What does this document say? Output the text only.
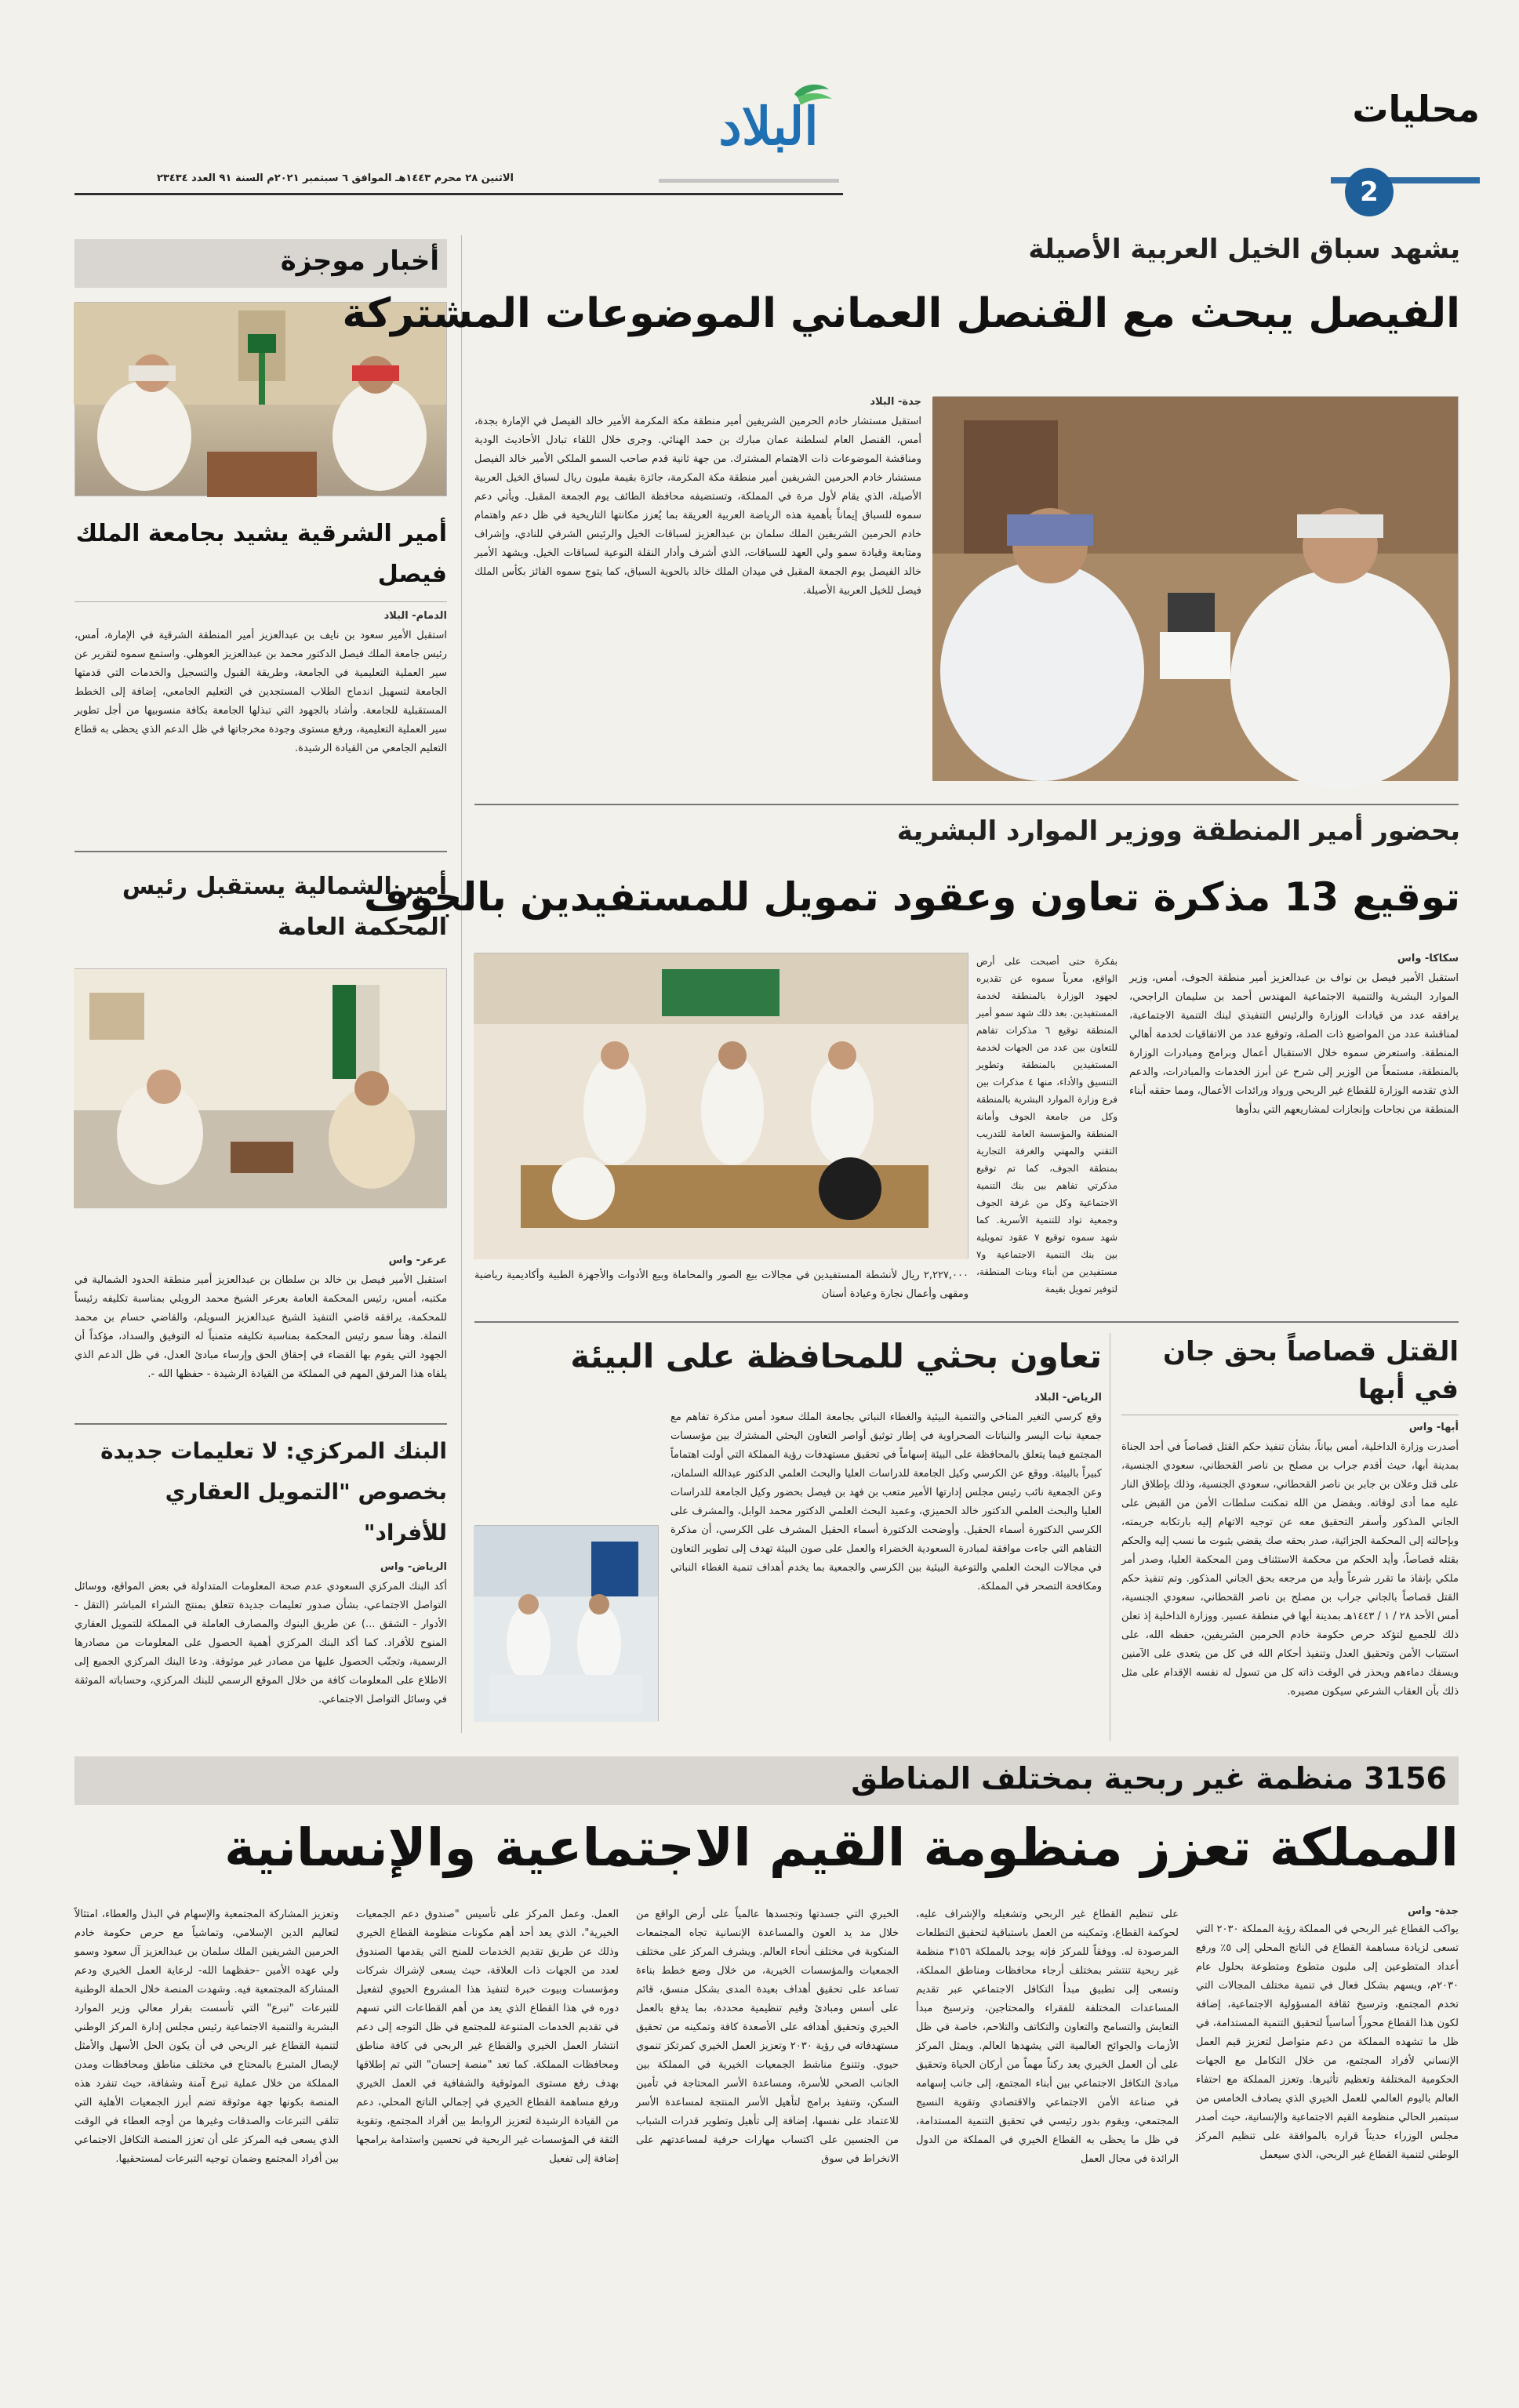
محليات
2
البلاد
الاثنين ٢٨ محرم ١٤٤٣هـ الموافق ٦ سبتمبر ٢٠٢١م السنة ٩١ العدد ٢٣٤٣٤
أخبار موجزة
أمير الشرقية يشيد بجامعة الملك فيصل
الدمام- البلاد
استقبل الأمير سعود بن نايف بن عبدالعزيز أمير المنطقة الشرقية في الإمارة، أمس، رئيس جامعة الملك فيصل الدكتور محمد بن عبدالعزيز العوهلي. واستمع سموه لتقرير عن سير العملية التعليمية في الجامعة، وطريقة القبول والتسجيل والخدمات التي قدمتها الجامعة لتسهيل اندماج الطلاب المستجدين في التعليم الجامعي، إضافة إلى الخطط المستقبلية للجامعة. وأشاد بالجهود التي تبذلها الجامعة بكافة منسوبيها من أجل تطوير سير العملية التعليمية، ورفع مستوى وجودة مخرجاتها في ظل الدعم الذي يحظى به قطاع التعليم الجامعي من القيادة الرشيدة.
أمير الشمالية يستقبل رئيس المحكمة العامة
عرعر- واس
استقبل الأمير فيصل بن خالد بن سلطان بن عبدالعزيز أمير منطقة الحدود الشمالية في مكتبه، أمس، رئيس المحكمة العامة بعرعر الشيخ محمد الرويلي بمناسبة تكليفه رئيساً للمحكمة، يرافقه قاضي التنفيذ الشيخ عبدالعزيز السويلم، والقاضي حسام بن محمد النملة. وهنأ سمو رئيس المحكمة بمناسبة تكليفه متمنياً له التوفيق والسداد، مؤكداً أن الجهود التي يقوم بها القضاء في إحقاق الحق وإرساء مبادئ العدل، في ظل الدعم الذي يلقاه هذا المرفق المهم في المملكة من القيادة الرشيدة - حفظها الله -.
البنك المركزي: لا تعليمات جديدة بخصوص "التمويل العقاري للأفراد"
الرياض- واس
أكد البنك المركزي السعودي عدم صحة المعلومات المتداولة في بعض المواقع، ووسائل التواصل الاجتماعي، بشأن صدور تعليمات جديدة تتعلق بمنتج الشراء المباشر (التقل - الأدوار - الشقق ...) عن طريق البنوك والمصارف العاملة في المملكة للتمويل العقاري المنوح للأفراد. كما أكد البنك المركزي أهمية الحصول على المعلومات من مصادرها الرسمية، وتجنّب الحصول عليها من مصادر غير موثوقة. ودعا البنك المركزي الجميع إلى الاطلاع على المعلومات كافة من خلال الموقع الرسمي للبنك المركزي، وحساباته الموثقة في وسائل التواصل الاجتماعي.
يشهد سباق الخيل العربية الأصيلة
الفيصل يبحث مع القنصل العماني الموضوعات المشتركة
جدة- البلاد
استقبل مستشار خادم الحرمين الشريفين أمير منطقة مكة المكرمة الأمير خالد الفيصل في الإمارة بجدة، أمس، القنصل العام لسلطنة عمان مبارك بن حمد الهنائي. وجرى خلال اللقاء تبادل الأحاديث الودية ومناقشة الموضوعات ذات الاهتمام المشترك. من جهة ثانية قدم صاحب السمو الملكي الأمير خالد الفيصل مستشار خادم الحرمين الشريفين أمير منطقة مكة المكرمة، جائزة بقيمة مليون ريال لسباق الخيل العربية الأصيلة، الذي يقام لأول مرة في المملكة، وتستضيفه محافظة الطائف يوم الجمعة المقبل. ويأتي دعم سموه للسباق إيماناً بأهمية هذه الرياضة العربية العريقة بما يُعزز مكانتها التاريخية في ظل دعم واهتمام خادم الحرمين الشريفين الملك سلمان بن عبدالعزيز لسباقات الخيل والرئيس الشرفي للنادي، وإشراف ومتابعة وقيادة سمو ولي العهد للسباقات، الذي أشرف وأدار النقلة النوعية لسباقات الخيل. ويشهد الأمير خالد الفيصل يوم الجمعة المقبل في ميدان الملك خالد بالحوية السباق، كما يتوج سموه الفائز بكأس الملك فيصل للخيل العربية الأصيلة.
بحضور أمير المنطقة ووزير الموارد البشرية
توقيع 13 مذكرة تعاون وعقود تمويل للمستفيدين بالجوف
سكاكا- واس
استقبل الأمير فيصل بن نواف بن عبدالعزيز أمير منطقة الجوف، أمس، وزير الموارد البشرية والتنمية الاجتماعية المهندس أحمد بن سليمان الراجحي، يرافقه عدد من قيادات الوزارة والرئيس التنفيذي لبنك التنمية الاجتماعية، لمناقشة عدد من المواضيع ذات الصلة، وتوقيع عدد من الاتفاقيات لخدمة أهالي المنطقة. واستعرض سموه خلال الاستقبال أعمال وبرامج ومبادرات الوزارة بالمنطقة، مستمعاً من الوزير إلى شرح عن أبرز الخدمات والمبادرات، والدعم الذي تقدمه الوزارة للقطاع غير الربحي ورواد ورائدات الأعمال، ومما حققه أبناء المنطقة من نجاحات وإنجازات لمشاريعهم التي بدأوها
بفكرة حتى أصبحت على أرض الواقع، معرباً سموه عن تقديره لجهود الوزارة بالمنطقة لخدمة المستفيدين. بعد ذلك شهد سمو أمير المنطقة توقيع ٦ مذكرات تفاهم للتعاون بين عدد من الجهات لخدمة المستفيدين بالمنطقة وتطوير التنسيق والأداء، منها ٤ مذكرات بين فرع وزارة الموارد البشرية بالمنطقة وكل من جامعة الجوف وأمانة المنطقة والمؤسسة العامة للتدريب التقني والمهني والغرفة التجارية بمنطقة الجوف، كما تم توقيع مذكرتي تفاهم بين بنك التنمية الاجتماعية وكل من غرفة الجوف وجمعية تواد للتنمية الأسرية. كما شهد سموه توقيع ٧ عقود تمويلية بين بنك التنمية الاجتماعية و٧ مستفيدين من أبناء وبنات المنطقة، لتوفير تمويل بقيمة
٢,٢٢٧,٠٠٠ ريال لأنشطة المستفيدين في مجالات بيع الصور والمحاماة وبيع الأدوات والأجهزة الطبية وأكاديمية رياضية ومقهى وأعمال نجارة وعيادة أسنان
القتل قصاصاً بحق جان في أبها
أبها- واس
أصدرت وزارة الداخلية، أمس بياناً، بشأن تنفيذ حكم القتل قصاصاً في أحد الجناة بمدينة أبها، حيث أقدم جراب بن مصلح بن ناصر القحطاني، سعودي الجنسية، على قتل وعلان بن جابر بن ناصر القحطاني، سعودي الجنسية، وذلك بإطلاق النار عليه مما أدى لوفاته. وبفضل من الله تمكنت سلطات الأمن من القبض على الجاني المذكور وأسفر التحقيق معه عن توجيه الاتهام إليه بارتكابه جريمته، وبإحالته إلى المحكمة الجزائية، صدر بحقه صك يقضي بثبوت ما نسب إليه والحكم بقتله قصاصاً، وأيد الحكم من محكمة الاستئناف ومن المحكمة العليا، وصدر أمر ملكي بإنفاذ ما تقرر شرعاً وأيد من مرجعه بحق الجاني المذكور. وتم تنفيذ حكم القتل قصاصاً بالجاني جراب بن مصلح بن ناصر القحطاني، سعودي الجنسية، أمس الأحد ٢٨ / ١ / ١٤٤٣هـ بمدينة أبها في منطقة عسير. ووزارة الداخلية إذ تعلن ذلك للجميع لتؤكد حرص حكومة خادم الحرمين الشريفين، حفظه الله، على استتباب الأمن وتحقيق العدل وتنفيذ أحكام الله في كل من يتعدى على الآمنين ويسفك دماءهم ويحذر في الوقت ذاته كل من تسول له نفسه الإقدام على مثل ذلك بأن العقاب الشرعي سيكون مصيره.
تعاون بحثي للمحافظة على البيئة
الرياض- البلاد
وقع كرسي التغير المناخي والتنمية البيئية والغطاء النباتي بجامعة الملك سعود أمس مذكرة تفاهم مع جمعية نبات اليسر والنباتات الصحراوية في إطار توثيق أواصر التعاون البحثي المشترك بين مؤسسات المجتمع فيما يتعلق بالمحافظة على البيئة إسهاماً في تحقيق مستهدفات رؤية المملكة التي أولت اهتماماً كبيراً بالبيئة. ووقع عن الكرسي وكيل الجامعة للدراسات العليا والبحث العلمي الدكتور عبدالله السلمان، وعن الجمعية نائب رئيس مجلس إدارتها الأمير متعب بن فهد بن فيصل بحضور وكيل الجامعة للدراسات العليا والبحث العلمي الدكتور خالد الحميزي، وعميد البحث العلمي الدكتور محمد الوابل، والمشرف على الكرسي الدكتورة أسماء الحقيل. وأوضحت الدكتورة أسماء الحقيل المشرف على الكرسي، أن مذكرة التفاهم التي جاءت موافقة لمبادرة السعودية الخضراء والعمل على صون البيئة تهدف إلى تطوير التعاون في مجالات البحث العلمي والتوعية البيئية بين الكرسي والجمعية بما يخدم أهداف تنمية الغطاء النباتي ومكافحة التصحر في المملكة.
3156 منظمة غير ربحية بمختلف المناطق
المملكة تعزز منظومة القيم الاجتماعية والإنسانية
جدة- واس
يواكب القطاع غير الربحي في المملكة رؤية المملكة ٢٠٣٠ التي تسعى لزيادة مساهمة القطاع في الناتج المحلي إلى ٥٪ ورفع أعداد المتطوعين إلى مليون متطوع ومتطوعة بحلول عام ٢٠٣٠م، ويسهم بشكل فعال في تنمية مختلف المجالات التي تخدم المجتمع، وترسيخ ثقافة المسؤولية الاجتماعية، إضافة لكون هذا القطاع محوراً أساسياً لتحقيق التنمية المستدامة، في ظل ما تشهده المملكة من دعم متواصل لتعزيز قيم العمل الإنساني لأفراد المجتمع، من خلال التكامل مع الجهات الحكومية المختلفة وتعظيم تأثيرها. وتعزز المملكة مع احتفاء العالم باليوم العالمي للعمل الخيري الذي يصادف الخامس من سبتمبر الحالي منظومة القيم الاجتماعية والإنسانية، حيث أصدر مجلس الوزراء حديثاً قراره بالموافقة على تنظيم المركز الوطني لتنمية القطاع غير الربحي، الذي سيعمل
على تنظيم القطاع غير الربحي وتشغيله والإشراف عليه، لحوكمة القطاع، وتمكينه من العمل باستباقية لتحقيق التطلعات المرصودة له. ووفقاً للمركز فإنه يوجد بالمملكة ٣١٥٦ منظمة غير ربحية تنتشر بمختلف أرجاء محافظات ومناطق المملكة، وتسعى إلى تطبيق مبدأ التكافل الاجتماعي عبر تقديم المساعدات المختلفة للفقراء والمحتاجين، وترسيخ مبدأ التعايش والتسامح والتعاون والتكاتف والتلاحم، خاصة في ظل الأزمات والجوائح العالمية التي يشهدها العالم. ويمثل المركز على أن العمل الخيري يعد ركناً مهماً من أركان الحياة وتحقيق مبادئ التكافل الاجتماعي بين أبناء المجتمع، إلى جانب إسهامه في صناعة الأمن الاجتماعي والاقتصادي وتقوية النسيج المجتمعي، ويقوم بدور رئيسي في تحقيق التنمية المستدامة، في ظل ما يحظى به القطاع الخيري في المملكة من الدول الرائدة في مجال العمل
الخيري التي جسدتها وتجسدها عالمياً على أرض الواقع من خلال مد يد العون والمساعدة الإنسانية تجاه المجتمعات المنكوبة في مختلف أنحاء العالم. ويشرف المركز على مختلف الجمعيات والمؤسسات الخيرية، من خلال وضع خطط بناءة تساعد على تحقيق أهداف بعيدة المدى بشكل منسق، قائم على أسس ومبادئ وقيم تنظيمية محددة، بما يدفع بالعمل الخيري وتحقيق أهدافه على الأصعدة كافة وتمكينه من تحقيق مستهدفاته في رؤية ٢٠٣٠ وتعزيز العمل الخيري كمرتكز تنموي حيوي. وتتنوع مناشط الجمعيات الخيرية في المملكة بين الجانب الصحي للأسرة، ومساعدة الأسر المحتاجة في تأمين السكن، وتنفيذ برامج لتأهيل الأسر المنتجة لمساعدة الأسر للاعتماد على نفسها، إضافة إلى تأهيل وتطوير قدرات الشباب من الجنسين على اكتساب مهارات حرفية لمساعدتهم على الانخراط في سوق
العمل. وعمل المركز على تأسيس "صندوق دعم الجمعيات الخيرية"، الذي يعد أحد أهم مكونات منظومة القطاع الخيري وذلك عن طريق تقديم الخدمات للمنح التي يقدمها الصندوق لعدد من الجهات ذات العلاقة، حيث يسعى لإشراك شركات ومؤسسات وبيوت خبرة لتنفيذ هذا المشروع الحيوي لتفعيل دوره في هذا القطاع الذي يعد من أهم القطاعات التي تسهم في تقديم الخدمات المتنوعة للمجتمع في ظل التوجه إلى دعم انتشار العمل الخيري والقطاع غير الربحي في كافة مناطق ومحافظات المملكة. كما تعد "منصة إحسان" التي تم إطلاقها بهدف رفع مستوى الموثوقية والشفافية في العمل الخيري ورفع مساهمة القطاع الخيري في إجمالي الناتج المحلي، دعم من القيادة الرشيدة لتعزيز الروابط بين أفراد المجتمع، وتقوية الثقة في المؤسسات غير الربحية في تحسين واستدامة برامجها إضافة إلى تفعيل
وتعزيز المشاركة المجتمعية والإسهام في البذل والعطاء، امتثالاً لتعاليم الدين الإسلامي، وتماشياً مع حرص حكومة خادم الحرمين الشريفين الملك سلمان بن عبدالعزيز آل سعود وسمو ولي عهده الأمين -حفظهما الله- لرعاية العمل الخيري ودعم المشاركة المجتمعية فيه. وشهدت المنصة خلال الحملة الوطنية للتبرعات "تبرع" التي تأسست بقرار معالي وزير الموارد البشرية والتنمية الاجتماعية رئيس مجلس إدارة المركز الوطني لتنمية القطاع غير الربحي في أن يكون الحل الأسهل والأمثل لإيصال المتبرع بالمحتاج في مختلف مناطق ومحافظات ومدن المملكة من خلال عملية تبرع آمنة وشفافة، حيث تنفرد هذه المنصة بكونها جهة موثوقة تضم أبرز الجمعيات الأهلية التي تتلقى التبرعات والصدقات وغيرها من أوجه العطاء في الوقت الذي يسعى فيه المركز على أن تعزز المنصة التكافل الاجتماعي بين أفراد المجتمع وضمان توجيه التبرعات لمستحقيها.
